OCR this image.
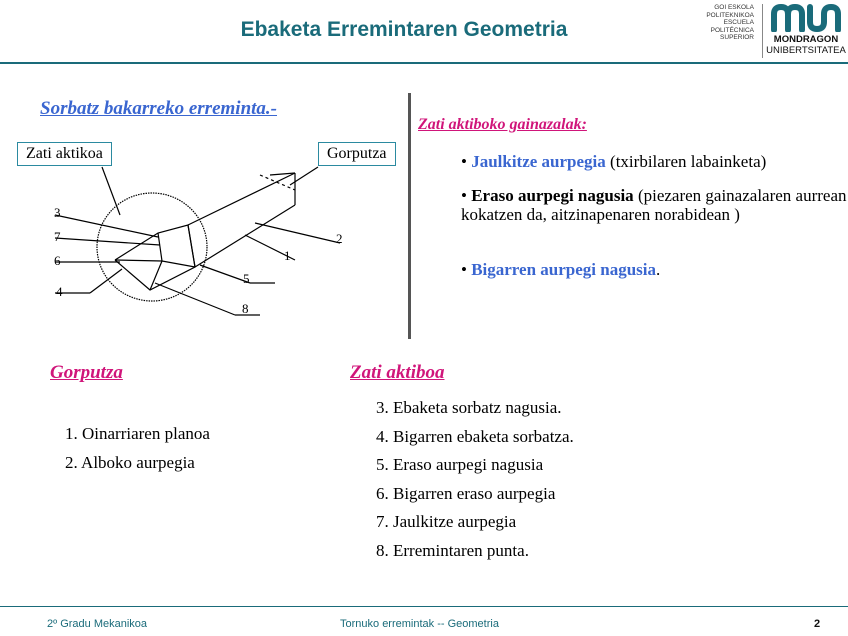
Ebaketa Erremintaren Geometria
GOI ESKOLA
POLITEKNIKOA
ESCUELA
POLITÉCNICA
SUPERIOR	MONDRAGON
UNIBERTSITATEA
Sorbatz bakarreko erreminta.-
3
7
6
4
5
8
1
2
Zati aktikoa	Gorputza
Zati aktiboko gainazalak:
• Jaulkitze aurpegia (txirbilaren labainketa)
• Eraso aurpegi nagusia (piezaren gainazalaren aurrean kokatzen da, aitzinapenaren norabidean )
• Bigarren aurpegi nagusia.
Gorputza
1. Oinarriaren planoa
2. Alboko aurpegia
Zati aktiboa
3. Ebaketa sorbatz nagusia.
4. Bigarren ebaketa sorbatza.
5. Eraso aurpegi nagusia
6. Bigarren eraso aurpegia
7. Jaulkitze aurpegia
8. Erremintaren punta.
2º Gradu Mekanikoa	Tornuko erremintak -- Geometria	2
